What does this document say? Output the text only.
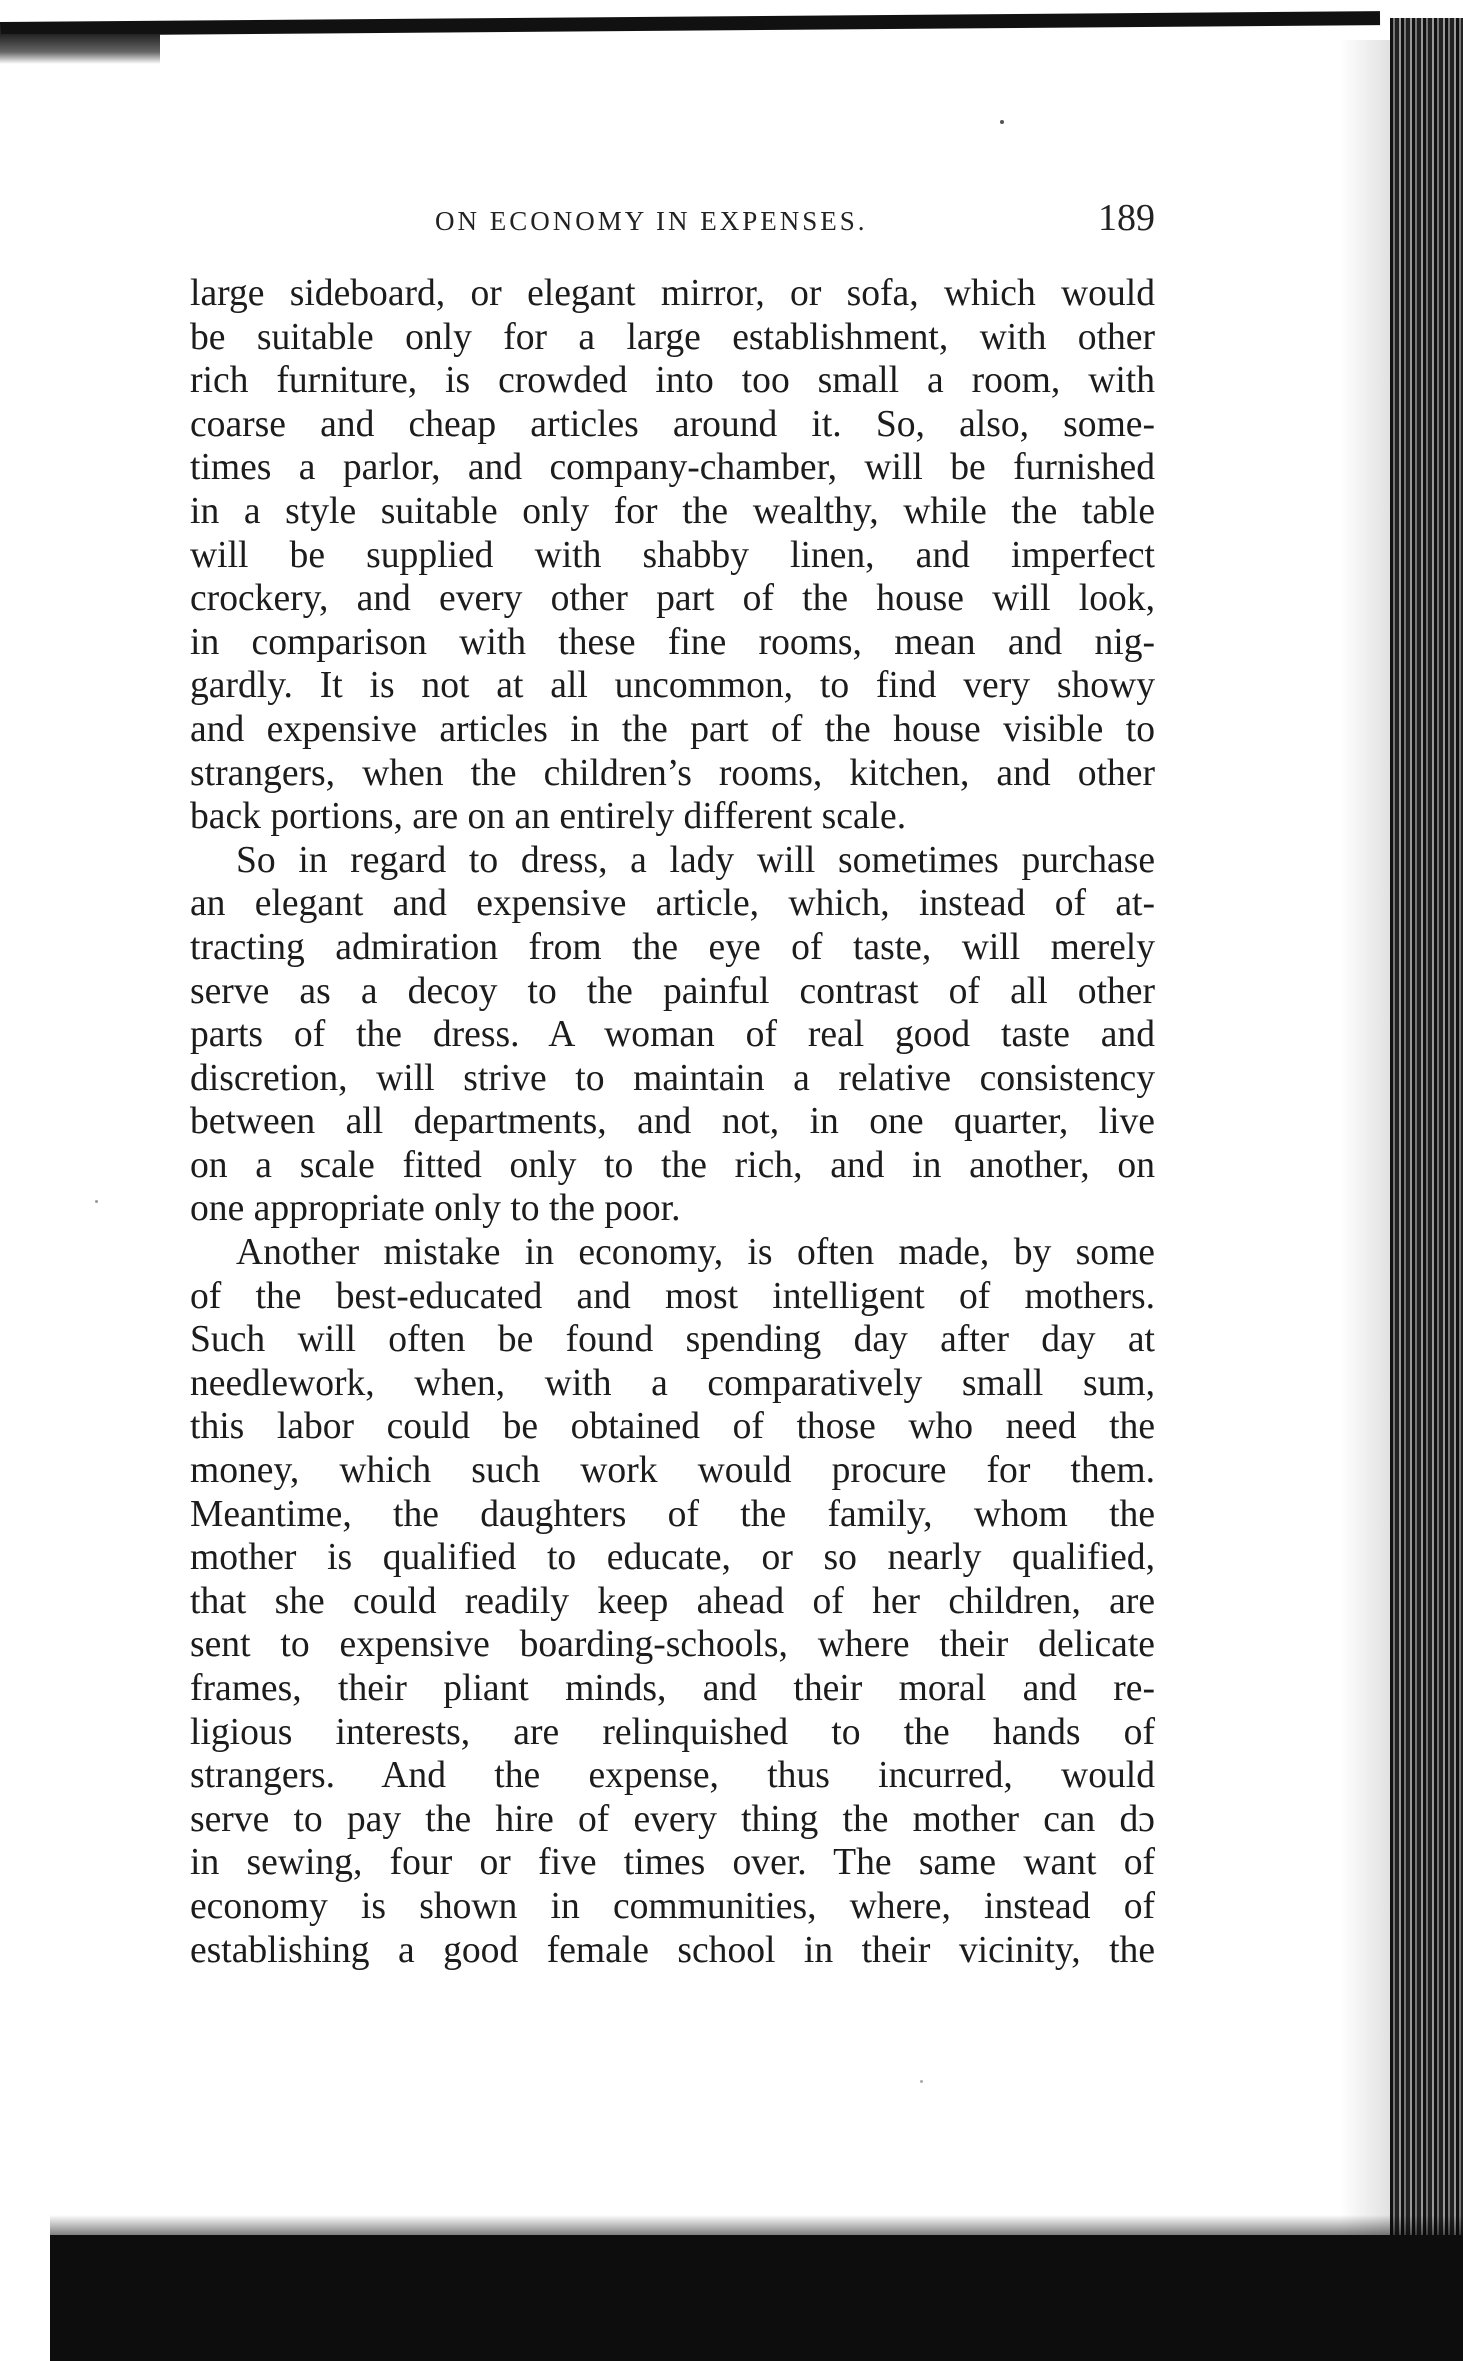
ON ECONOMY IN EXPENSES.	189
large sideboard, or elegant mirror, or sofa, which would
be suitable only for a large establishment, with other
rich furniture, is crowded into too small a room, with
coarse and cheap articles around it. So, also, some-
times a parlor, and company-chamber, will be furnished
in a style suitable only for the wealthy, while the table
will be supplied with shabby linen, and imperfect
crockery, and every other part of the house will look,
in comparison with these fine rooms, mean and nig-
gardly. It is not at all uncommon, to find very showy
and expensive articles in the part of the house visible to
strangers, when the children’s rooms, kitchen, and other
back portions, are on an entirely different scale.
So in regard to dress, a lady will sometimes purchase
an elegant and expensive article, which, instead of at-
tracting admiration from the eye of taste, will merely
serve as a decoy to the painful contrast of all other
parts of the dress. A woman of real good taste and
discretion, will strive to maintain a relative consistency
between all departments, and not, in one quarter, live
on a scale fitted only to the rich, and in another, on
one appropriate only to the poor.
Another mistake in economy, is often made, by some
of the best-educated and most intelligent of mothers.
Such will often be found spending day after day at
needlework, when, with a comparatively small sum,
this labor could be obtained of those who need the
money, which such work would procure for them.
Meantime, the daughters of the family, whom the
mother is qualified to educate, or so nearly qualified,
that she could readily keep ahead of her children, are
sent to expensive boarding-schools, where their delicate
frames, their pliant minds, and their moral and re-
ligious interests, are relinquished to the hands of
strangers. And the expense, thus incurred, would
serve to pay the hire of every thing the mother can dɔ
in sewing, four or five times over. The same want of
economy is shown in communities, where, instead of
establishing a good female school in their vicinity, the
